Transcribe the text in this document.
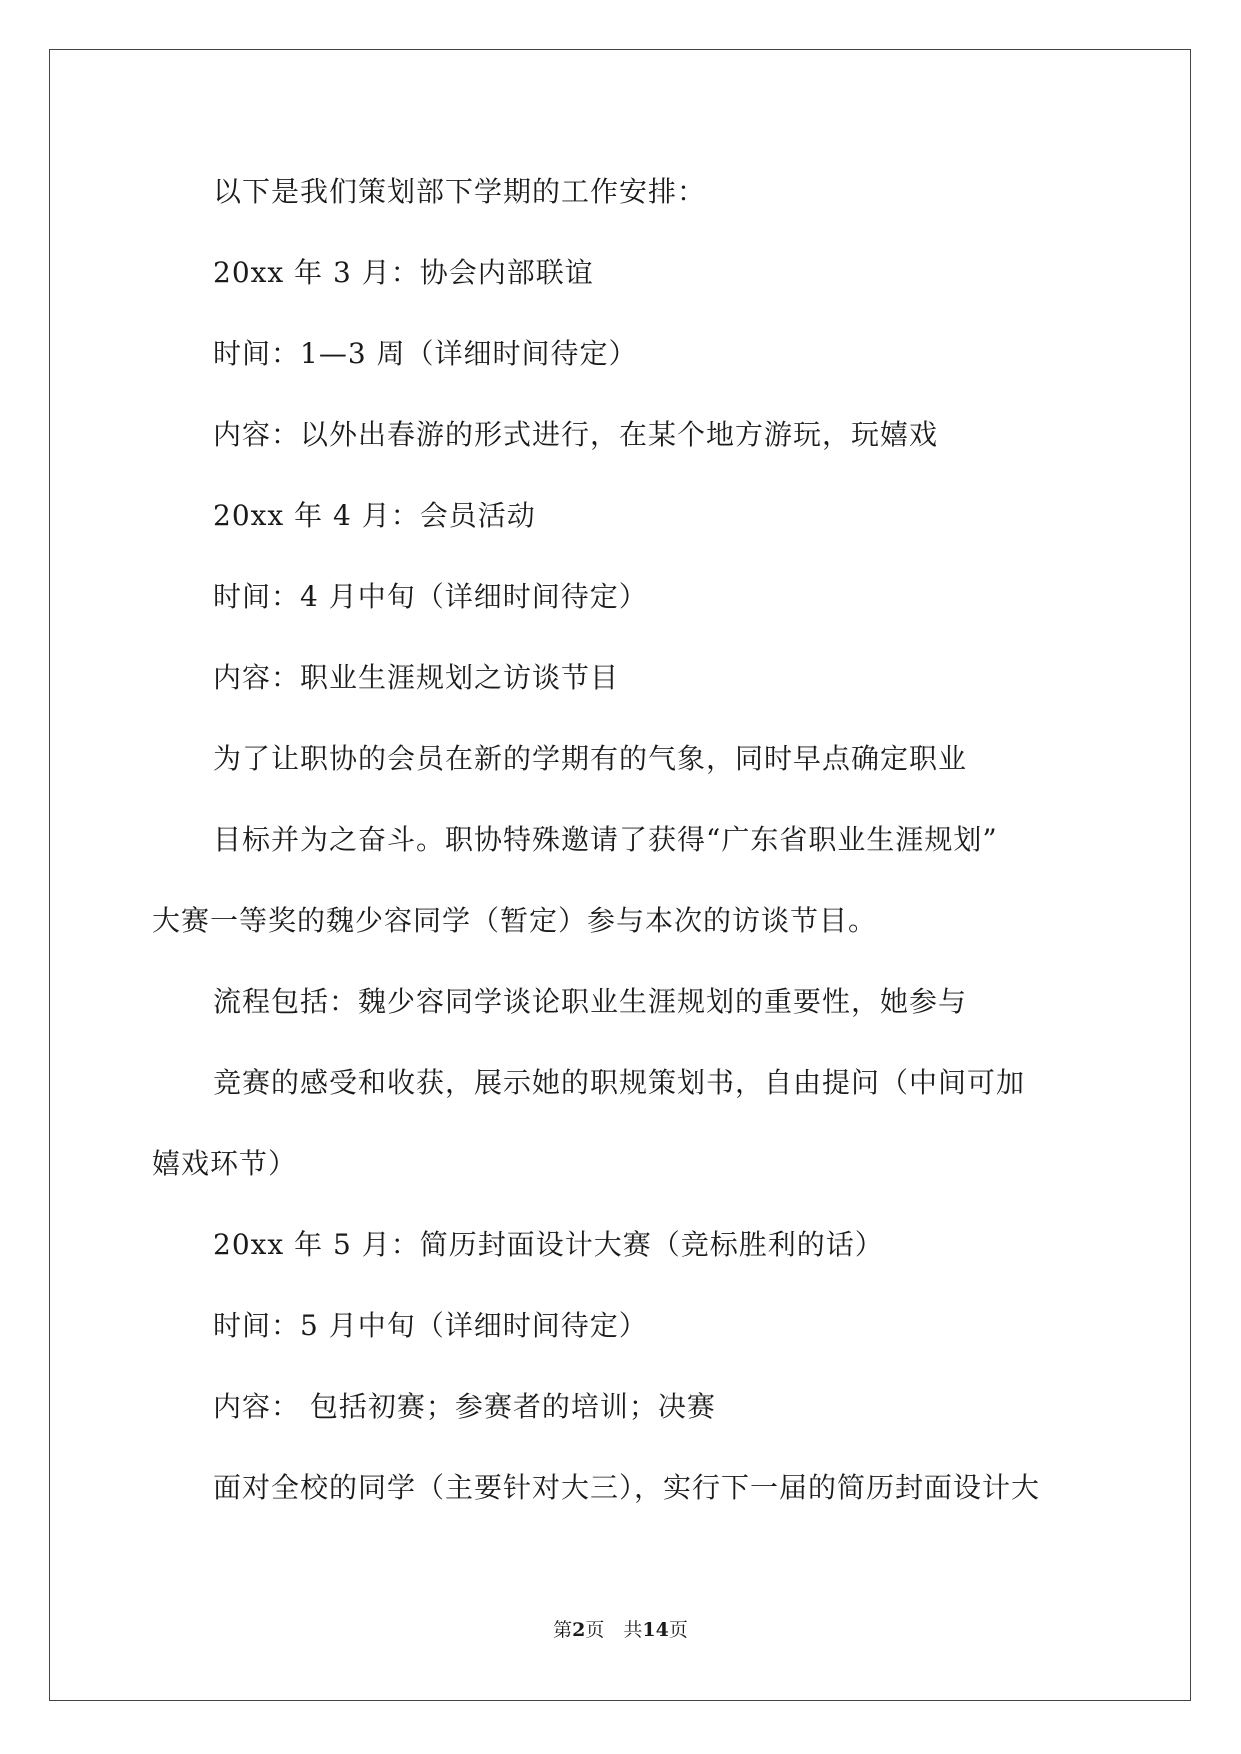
以下是我们策划部下学期的工作安排：
20xx 年 3 月：协会内部联谊
时间：1—3 周（详细时间待定）
内容：以外出春游的形式进行，在某个地方游玩，玩嬉戏
20xx 年 4 月：会员活动
时间：4 月中旬（详细时间待定）
内容：职业生涯规划之访谈节目
为了让职协的会员在新的学期有的气象，同时早点确定职业
目标并为之奋斗。职协特殊邀请了获得“广东省职业生涯规划”
大赛一等奖的魏少容同学（暂定）参与本次的访谈节目。
流程包括：魏少容同学谈论职业生涯规划的重要性，她参与
竞赛的感受和收获，展示她的职规策划书，自由提问（中间可加
嬉戏环节）
20xx 年 5 月：简历封面设计大赛（竞标胜利的话）
时间：5 月中旬（详细时间待定）
内容： 包括初赛；参赛者的培训；决赛
面对全校的同学（主要针对大三），实行下一届的简历封面设计大
第2页　共14页
